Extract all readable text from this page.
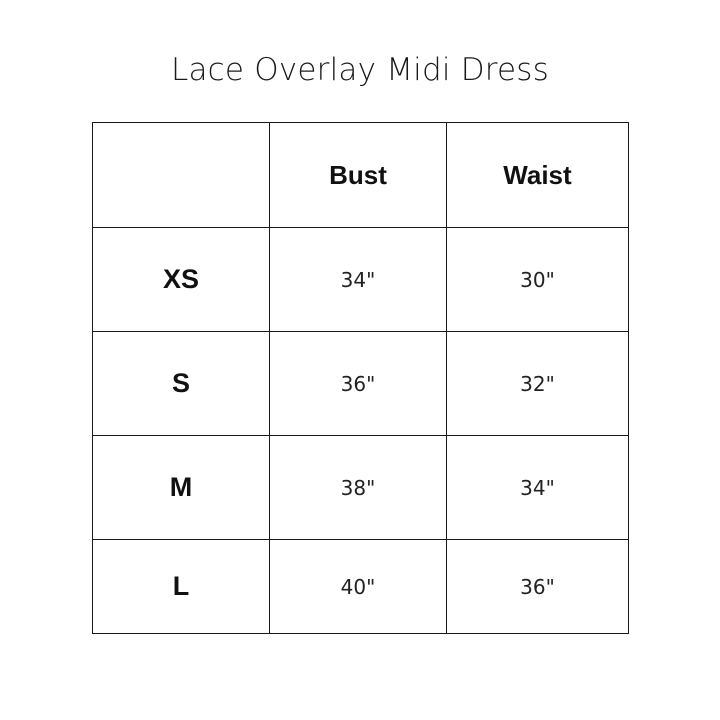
Lace Overlay Midi Dress
	Bust	Waist
XS	34"	30"
S	36"	32"
M	38"	34"
L	40"	36"
